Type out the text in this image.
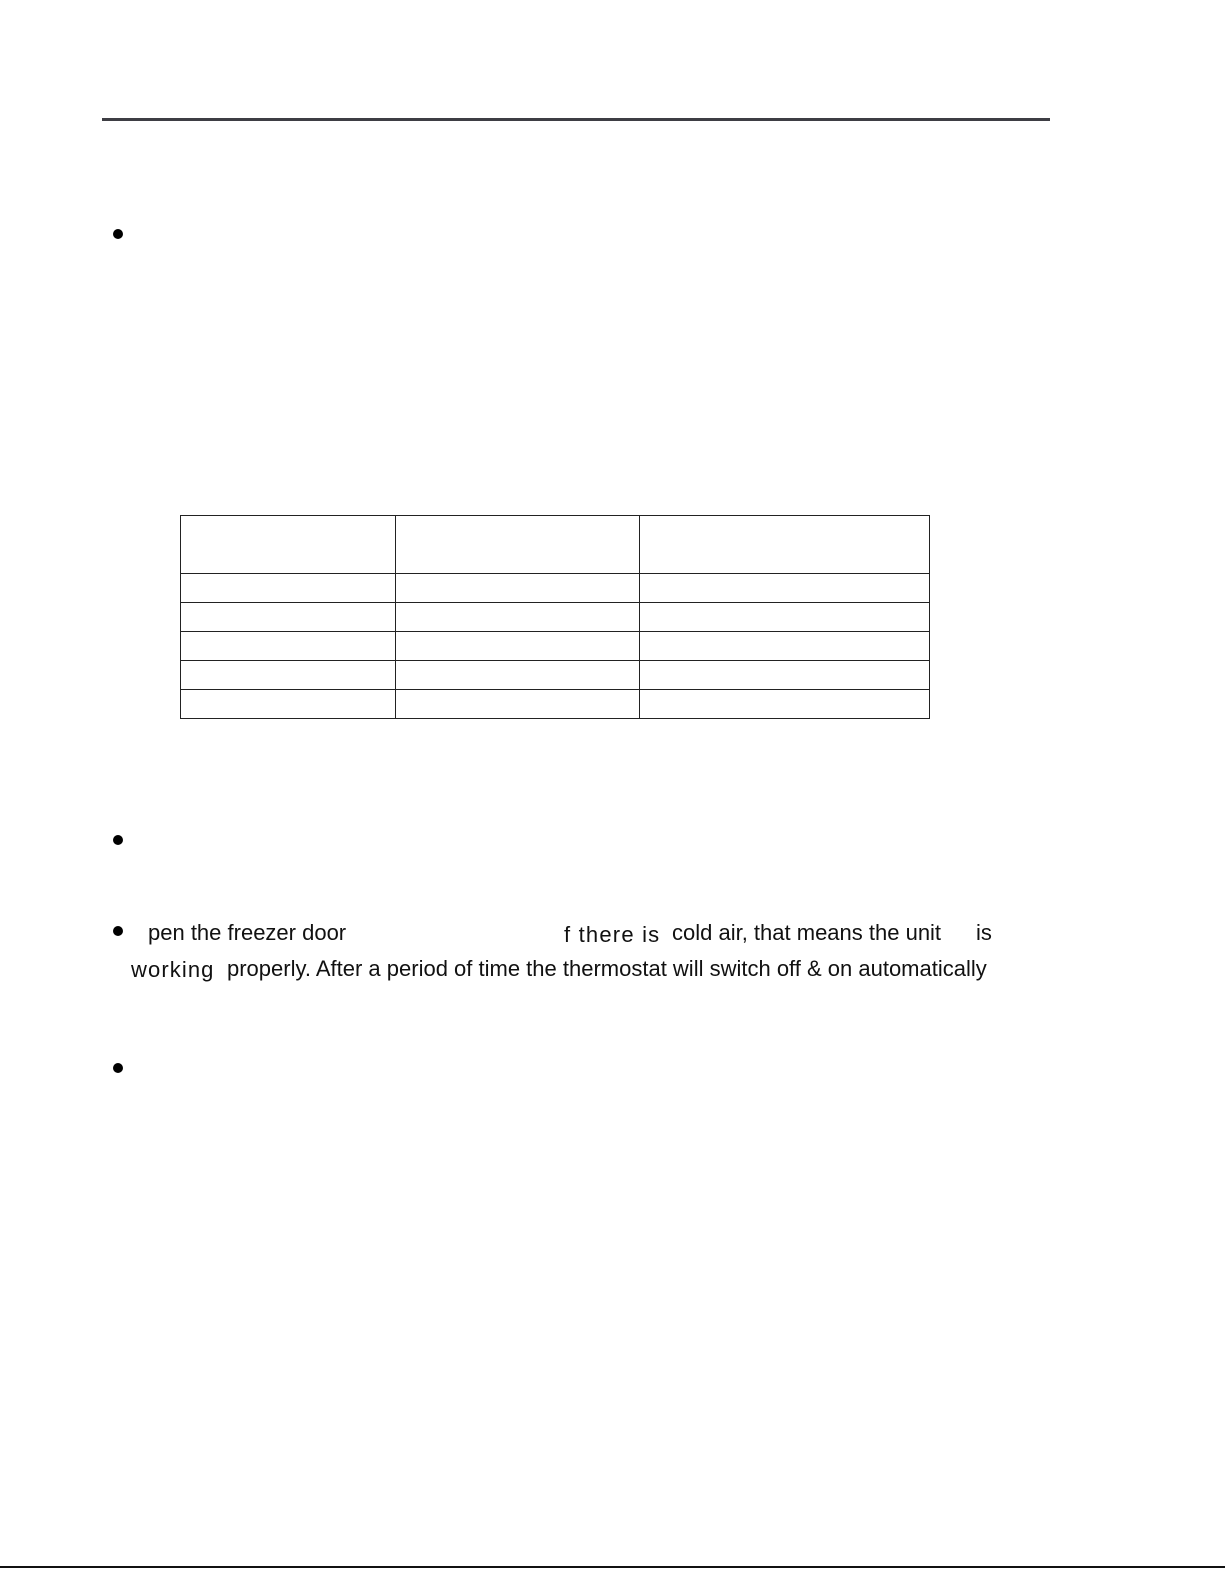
pen the freezer door	f there is cold air, that means the unit is
working properly. After a period of time the thermostat will switch off & on automatically
